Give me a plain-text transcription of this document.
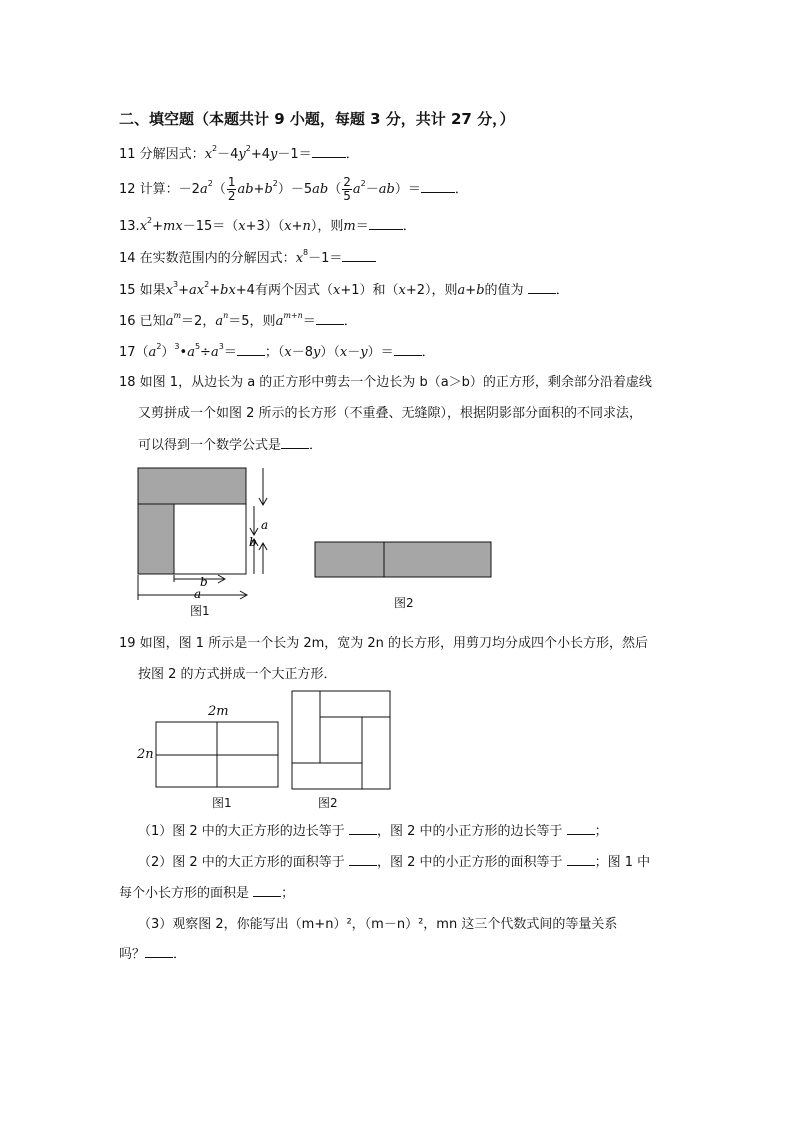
二、填空题（本题共计 9 小题，每题 3 分，共计 27 分，）
11 分解因式：$x^2-4y^2+4y-1=$	．
12 计算：$-2a^2( \frac{1}{2} ab+b^2)-5ab( \frac{2}{5} a^2-ab)=$	．
$13.x^2+mx-15=(x+3)(x+n)$，则m＝	．
14 在实数范围内的分解因式：$x^8-1=$
15 如果$x^3+ax^2+bx+4$有两个因式（x+1）和（x+2），则a+b的值为 ．
16 已知$a^m=2$，$a^n=5$，则$a^{m+n}=$ ．
$17(a^2)^3•a^5\div a^3=$ ；（x－8y）（x－y）＝ ．
18 如图 1，从边长为 a 的正方形中剪去一个边长为 b（a＞b）的正方形，剩余部分沿着虚线
又剪拼成一个如图 2 所示的长方形（不重叠、无缝隙），根据阴影部分面积的不同求法，
可以得到一个数学公式是 ．
a
b
b
a
图1
图2
19 如图，图 1 所示是一个长为 2m，宽为 2n 的长方形，用剪刀均分成四个小长方形，然后
按图 2 的方式拼成一个大正方形．
2m
2n
图1	图2
（1）图 2 中的大正方形的边长等于 ，图 2 中的小正方形的边长等于 ；
（2）图 2 中的大正方形的面积等于 ，图 2 中的小正方形的面积等于 ；图 1 中
每个小长方形的面积是 ；
（3）观察图 2，你能写出（m+n）²，（m－n）²，mn 这三个代数式间的等量关系
吗？ ．
